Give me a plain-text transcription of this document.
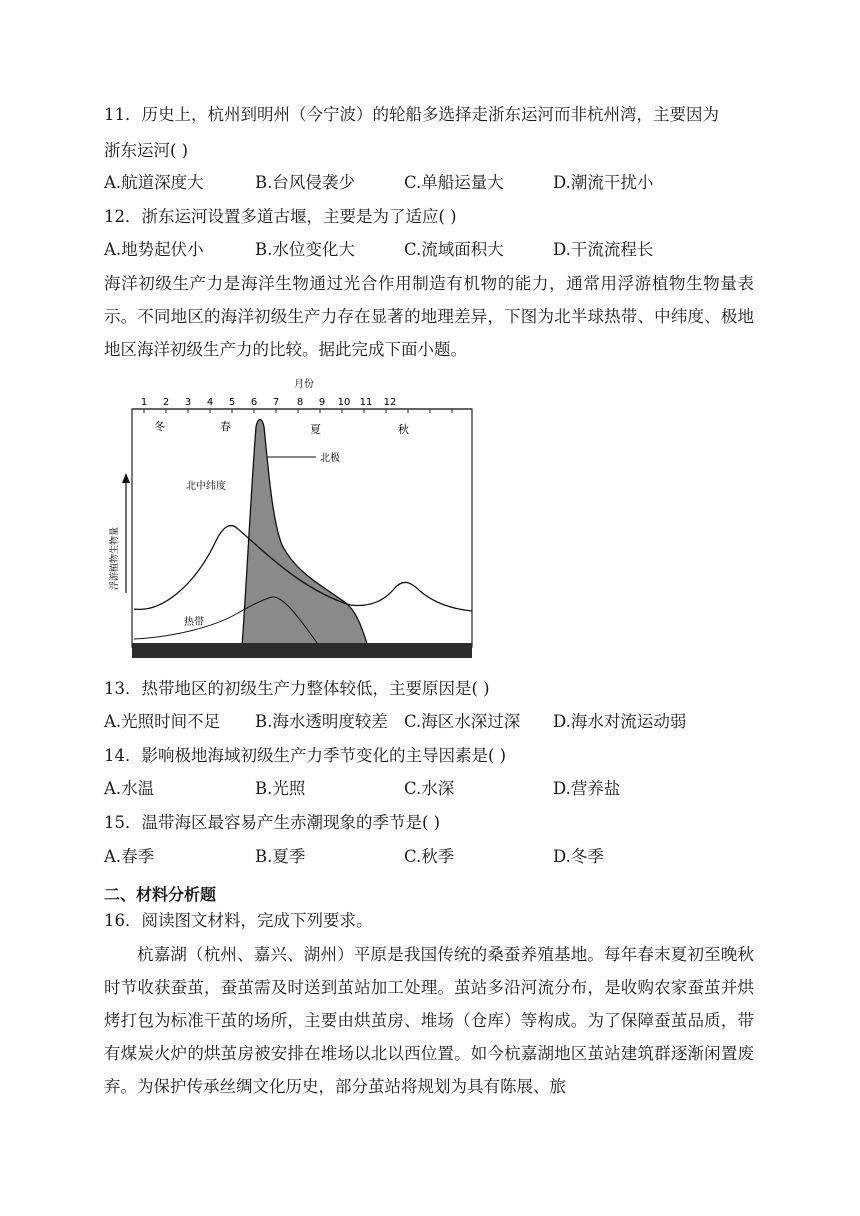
11．历史上，杭州到明州（今宁波）的轮船多选择走浙东运河而非杭州湾，主要因为
浙东运河( )
A.航道深度大	B.台风侵袭少	C.单船运量大	D.潮流干扰小
12．浙东运河设置多道古堰，主要是为了适应( )
A.地势起伏小	B.水位变化大	C.流域面积大	D.干流流程长
海洋初级生产力是海洋生物通过光合作用制造有机物的能力，通常用浮游植物生物量表示。不同地区的海洋初级生产力存在显著的地理差异，下图为北半球热带、中纬度、极地地区海洋初级生产力的比较。据此完成下面小题。
月份
1 2 3 4 5 6 7 8 9 10 11 12
冬	春	夏	秋
北极
北中纬度
热带
浮游植物生物量
13．热带地区的初级生产力整体较低，主要原因是( )
A.光照时间不足 B.海水透明度较差 C.海区水深过深 D.海水对流运动弱
14．影响极地海域初级生产力季节变化的主导因素是( )
A.水温	B.光照	C.水深	D.营养盐
15．温带海区最容易产生赤潮现象的季节是( )
A.春季	B.夏季	C.秋季	D.冬季
二、材料分析题
16．阅读图文材料，完成下列要求。
杭嘉湖（杭州、嘉兴、湖州）平原是我国传统的桑蚕养殖基地。每年春末夏初至晚秋时节收获蚕茧，蚕茧需及时送到茧站加工处理。茧站多沿河流分布，是收购农家蚕茧并烘烤打包为标准干茧的场所，主要由烘茧房、堆场（仓库）等构成。为了保障蚕茧品质，带有煤炭火炉的烘茧房被安排在堆场以北以西位置。如今杭嘉湖地区茧站建筑群逐渐闲置废弃。为保护传承丝绸文化历史，部分茧站将规划为具有陈展、旅
